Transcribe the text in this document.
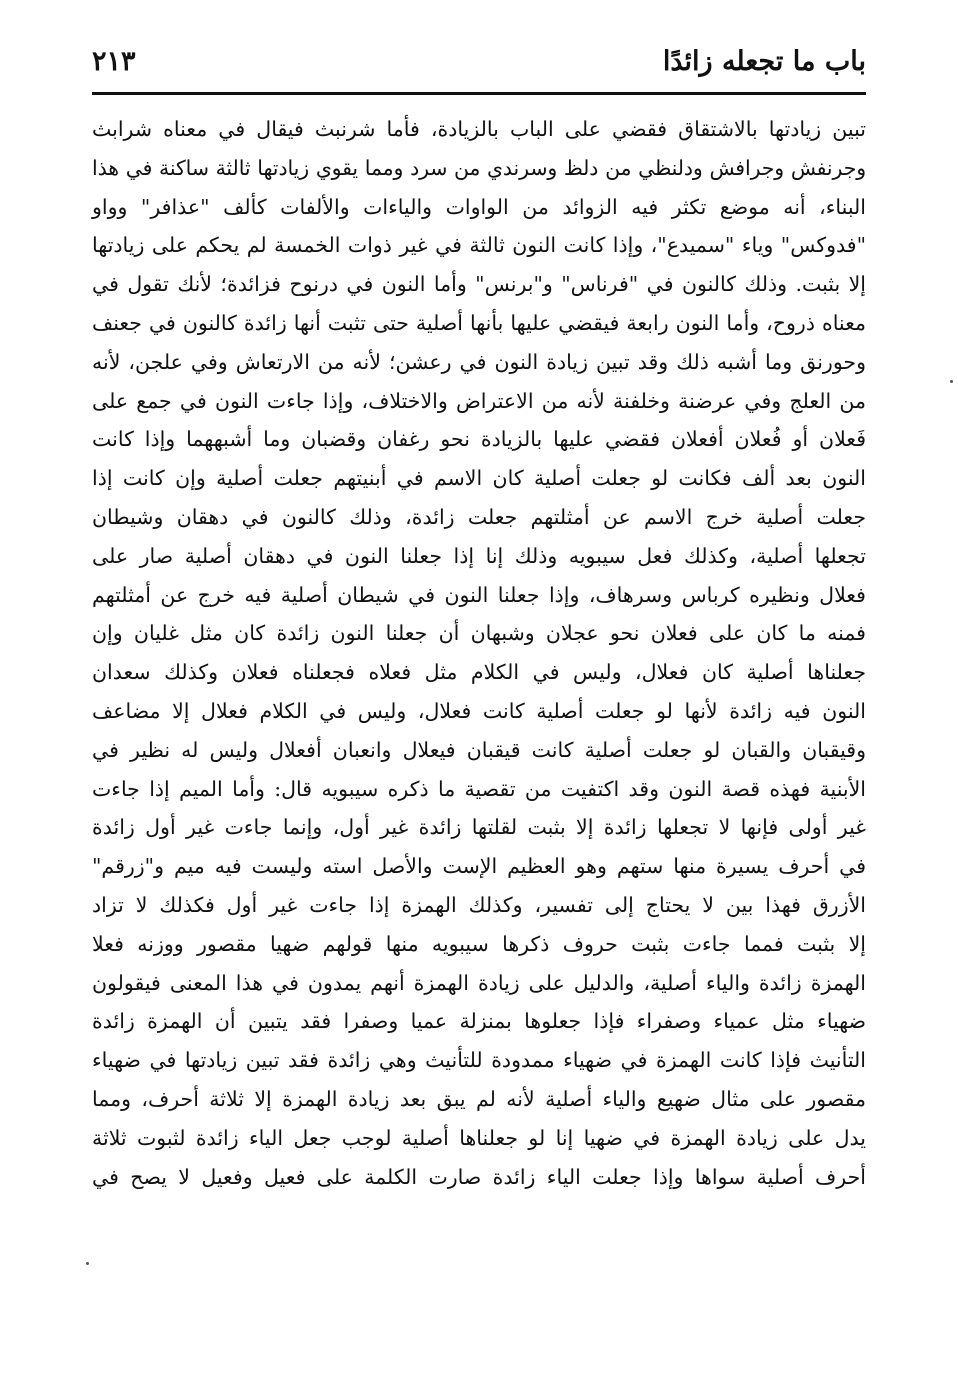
باب ما تجعله زائدًا
٢١٣
تبين زيادتها بالاشتقاق فقضي على الباب بالزيادة، فأما شرنبث فيقال في معناه شرابث
وجرنفش وجرافش ودلنظي من دلظ وسرندي من سرد ومما يقوي زيادتها ثالثة ساكنة في هذا
البناء، أنه موضع تكثر فيه الزوائد من الواوات والياءات والألفات كألف "عذافر" وواو
"فدوكس" وياء "سميدع"، وإذا كانت النون ثالثة في غير ذوات الخمسة لم يحكم على زيادتها
إلا بثبت. وذلك كالنون في "فرناس" و"برنس" وأما النون في درنوح فزائدة؛ لأنك تقول في
معناه ذروح، وأما النون رابعة فيقضي عليها بأنها أصلية حتى تثبت أنها زائدة كالنون في جعنف
وحورنق وما أشبه ذلك وقد تبين زيادة النون في رعشن؛ لأنه من الارتعاش وفي علجن، لأنه
من العلج وفي عرضنة وخلفنة لأنه من الاعتراض والاختلاف، وإذا جاءت النون في جمع على
فَعلان أو فُعلان أفعلان فقضي عليها بالزيادة نحو رغفان وقضبان وما أشبههما وإذا كانت
النون بعد ألف فكانت لو جعلت أصلية كان الاسم في أبنيتهم جعلت أصلية وإن كانت إذا
جعلت أصلية خرج الاسم عن أمثلتهم جعلت زائدة، وذلك كالنون في دهقان وشيطان
تجعلها أصلية، وكذلك فعل سيبويه وذلك إنا إذا جعلنا النون في دهقان أصلية صار على
فعلال ونظيره كرباس وسرهاف، وإذا جعلنا النون في شيطان أصلية فيه خرج عن أمثلتهم
فمنه ما كان على فعلان نحو عجلان وشبهان أن جعلنا النون زائدة كان مثل غليان وإن
جعلناها أصلية كان فعلال، وليس في الكلام مثل فعلاه فجعلناه فعلان وكذلك سعدان
النون فيه زائدة لأنها لو جعلت أصلية كانت فعلال، وليس في الكلام فعلال إلا مضاعف
وقيقبان والقبان لو جعلت أصلية كانت قيقبان فيعلال وانعبان أفعلال وليس له نظير في
الأبنية فهذه قصة النون وقد اكتفيت من تقصية ما ذكره سيبويه قال: وأما الميم إذا جاءت
غير أولى فإنها لا تجعلها زائدة إلا بثبت لقلتها زائدة غير أول، وإنما جاءت غير أول زائدة
في أحرف يسيرة منها ستهم وهو العظيم الإست والأصل استه وليست فيه ميم و"زرقم"
الأزرق فهذا بين لا يحتاج إلى تفسير، وكذلك الهمزة إذا جاءت غير أول فكذلك لا تزاد
إلا بثبت فمما جاءت بثبت حروف ذكرها سيبويه منها قولهم ضهيا مقصور ووزنه فعلا
الهمزة زائدة والياء أصلية، والدليل على زيادة الهمزة أنهم يمدون في هذا المعنى فيقولون
ضهياء مثل عمياء وصفراء فإذا جعلوها بمنزلة عميا وصفرا فقد يتبين أن الهمزة زائدة
التأنيث فإذا كانت الهمزة في ضهياء ممدودة للتأنيث وهي زائدة فقد تبين زيادتها في ضهياء
مقصور على مثال ضهيع والياء أصلية لأنه لم يبق بعد زيادة الهمزة إلا ثلاثة أحرف، ومما
يدل على زيادة الهمزة في ضهيا إنا لو جعلناها أصلية لوجب جعل الياء زائدة لثبوت ثلاثة
أحرف أصلية سواها وإذا جعلت الياء زائدة صارت الكلمة على فعيل وفعيل لا يصح في
